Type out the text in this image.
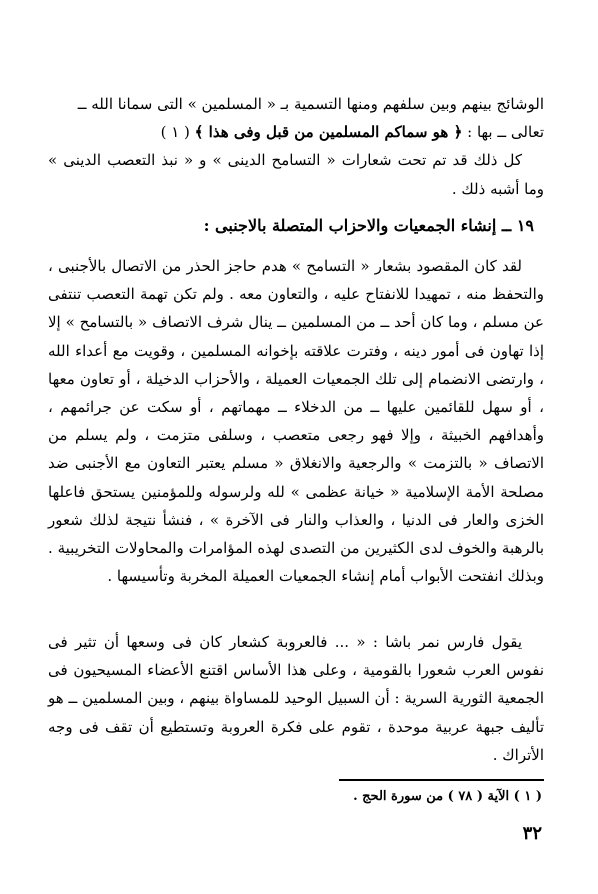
الوشائج بينهم وبين سلفهم ومنها التسمية بـ « المسلمين » التى سمانا الله ــ
تعالى ــ بها : ﴿ هو سماكم المسلمين من قبل وفى هذا ﴾ ( ١ )
كل ذلك قد تم تحت شعارات « التسامح الدينى » و « نبذ التعصب الدينى » وما أشبه ذلك .
١٩ ــ إنشاء الجمعيات والاحزاب المتصلة بالاجنبى :
لقد كان المقصود بشعار « التسامح » هدم حاجز الحذر من الاتصال بالأجنبى ، والتحفظ منه ، تمهيدا للانفتاح عليه ، والتعاون معه . ولم تكن تهمة التعصب تنتفى عن مسلم ، وما كان أحد ــ من المسلمين ــ ينال شرف الاتصاف « بالتسامح » إلا إذا تهاون فى أمور دينه ، وفترت علاقته بإخوانه المسلمين ، وقويت مع أعداء الله ، وارتضى الانضمام إلى تلك الجمعيات العميلة ، والأحزاب الدخيلة ، أو تعاون معها ، أو سهل للقائمين عليها ــ من الدخلاء ــ مهماتهم ، أو سكت عن جرائمهم ، وأهدافهم الخبيثة ، وإلا فهو رجعى متعصب ، وسلفى متزمت ، ولم يسلم من الاتصاف « بالتزمت » والرجعية والانغلاق « مسلم يعتبر التعاون مع الأجنبى ضد مصلحة الأمة الإسلامية « خيانة عظمى » لله ولرسوله وللمؤمنين يستحق فاعلها الخزى والعار فى الدنيا ، والعذاب والنار فى الآخرة » ، فنشأ نتيجة لذلك شعور بالرهبة والخوف لدى الكثيرين من التصدى لهذه المؤامرات والمحاولات التخريبية . وبذلك انفتحت الأبواب أمام إنشاء الجمعيات العميلة المخربة وتأسيسها .
يقول فارس نمر باشا : « ... فالعروبة كشعار كان فى وسعها أن تثير فى نفوس العرب شعورا بالقومية ، وعلى هذا الأساس اقتنع الأعضاء المسيحيون فى الجمعية الثورية السرية : أن السبيل الوحيد للمساواة بينهم ، وبين المسلمين ــ هو تأليف جبهة عربية موحدة ، تقوم على فكرة العروبة وتستطيع أن تقف فى وجه الأتراك .
( ١ ) الآية ( ٧٨ ) من سورة الحج .
٣٢
